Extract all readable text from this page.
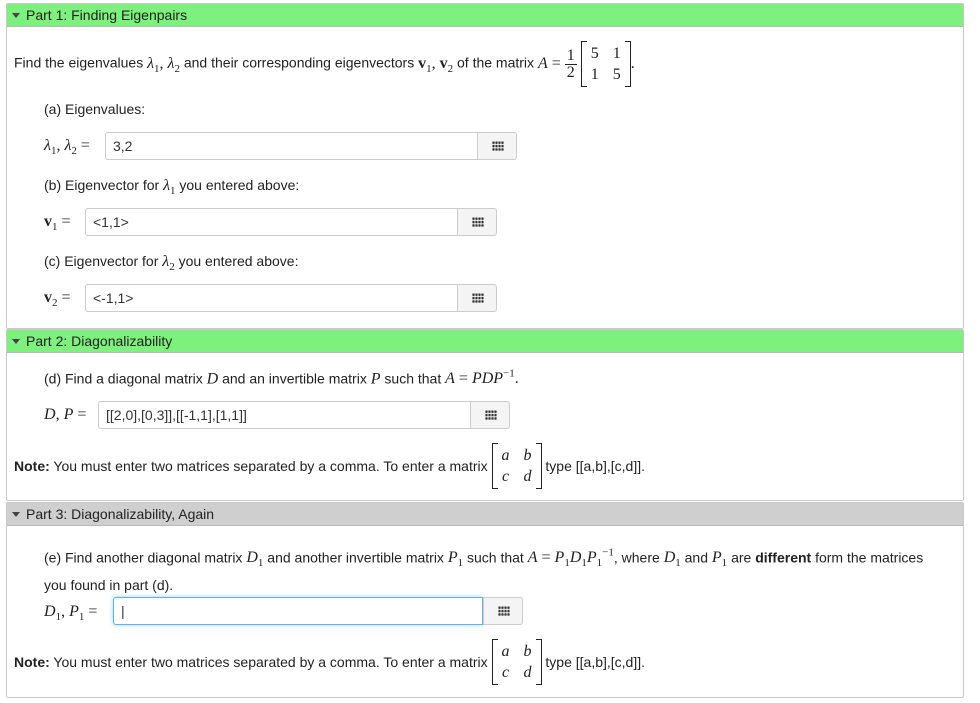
Part 1: Finding Eigenpairs
Find the eigenvalues $\lambda_1$, $\lambda_2$ and their corresponding eigenvectors $v_1$, $v_2$ of the matrix $A = \frac{1}{2}$
5 1
1 5
.
(a) Eigenvalues:
$\lambda_1$, $\lambda_2$ =	3,2
(b) Eigenvector for $\lambda_1$ you entered above:
$v_1$ =	<1,1>
(c) Eigenvector for $\lambda_2$ you entered above:
$v_2$ =	<-1,1>
Part 2: Diagonalizability
(d) Find a diagonal matrix D and an invertible matrix P such that $A = PDP^{-1}$.
D, P =	[[2,0],[0,3]],[[-1,1],[1,1]]
Note: You must enter two matrices separated by a comma. To enter a matrix
a b
c d
type [[a,b],[c,d]].
Part 3: Diagonalizability, Again
(e) Find another diagonal matrix $D_1$ and another invertible matrix $P_1$ such that $A = P_1D_1P_1^{-1}$, where $D_1$ and $P_1$ are different form the matrices
you found in part (d).
$D_1$, $P_1$ =	|
Note: You must enter two matrices separated by a comma. To enter a matrix
a b
c d
type [[a,b],[c,d]].
